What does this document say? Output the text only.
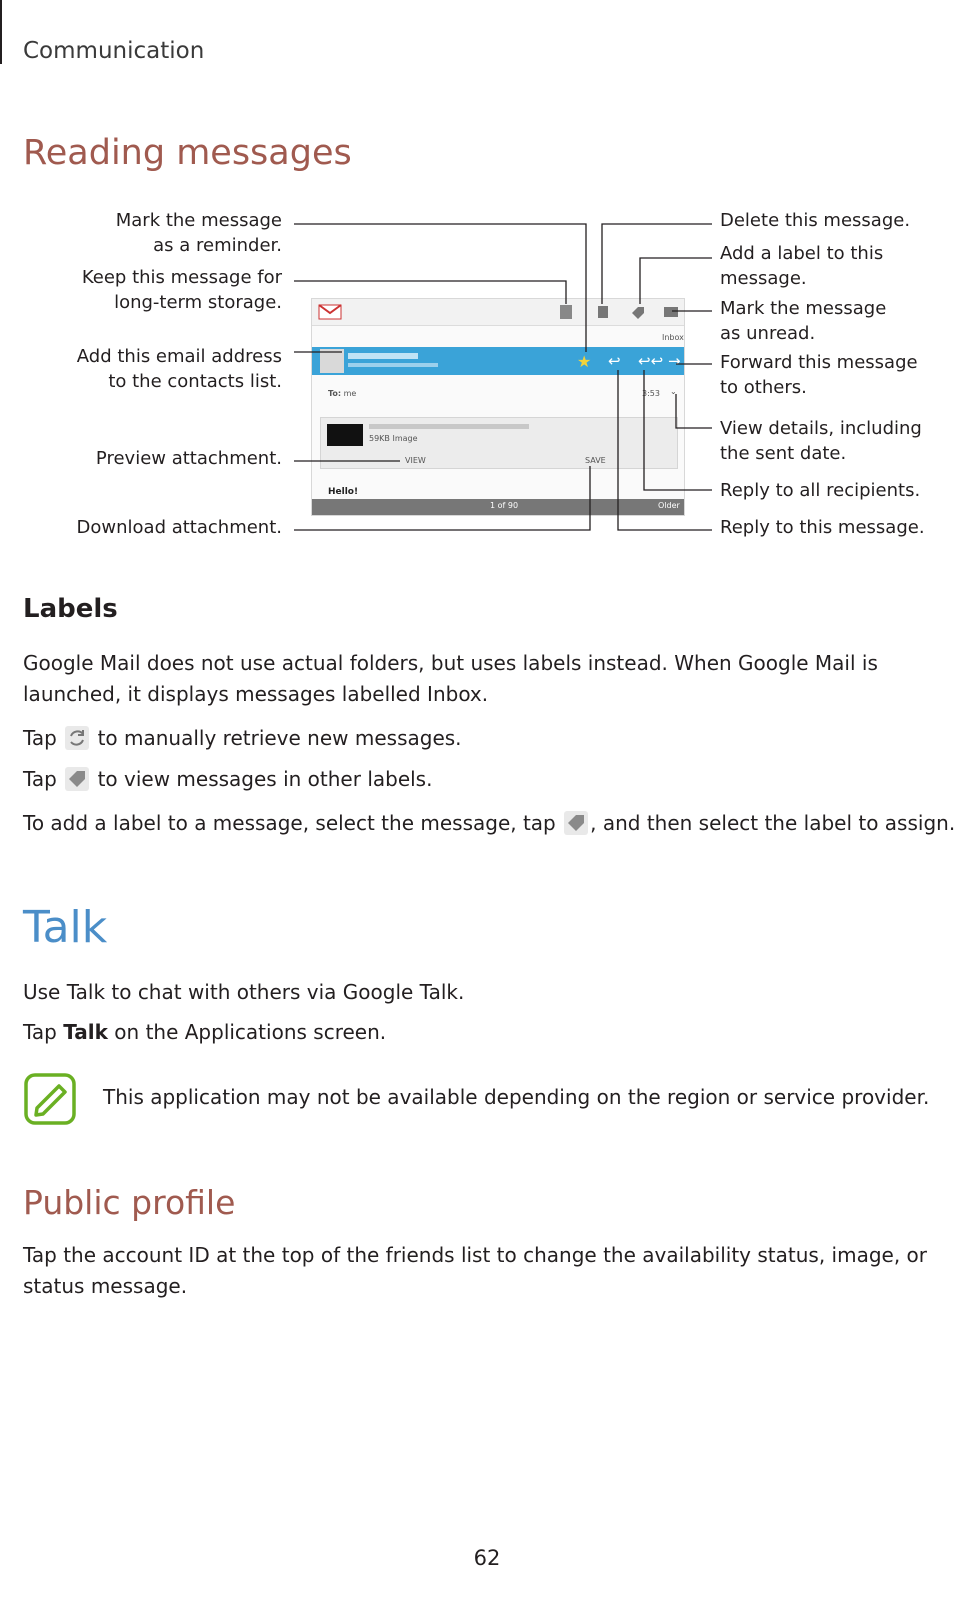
Communication
Reading messages
Mark the message
as a reminder.
Keep this message for
long-term storage.
Add this email address
to the contacts list.
Preview attachment.
Download attachment.
Delete this message.
Add a label to this
message.
Mark the message
as unread.
Forward this message
to others.
View details, including
the sent date.
Reply to all recipients.
Reply to this message.
Inbox
★ ↩ ↩↩ →
To: me	3:53 ⌄
59KB Image
VIEW	SAVE
Hello!
1 of 90	Older
Labels
Google Mail does not use actual folders, but uses labels instead. When Google Mail is
launched, it displays messages labelled Inbox.
Tap to manually retrieve new messages.
Tap to view messages in other labels.
To add a label to a message, select the message, tap , and then select the label to assign.
Talk
Use Talk to chat with others via Google Talk.
Tap Talk on the Applications screen.
This application may not be available depending on the region or service provider.
Public profile
Tap the account ID at the top of the friends list to change the availability status, image, or
status message.
62
